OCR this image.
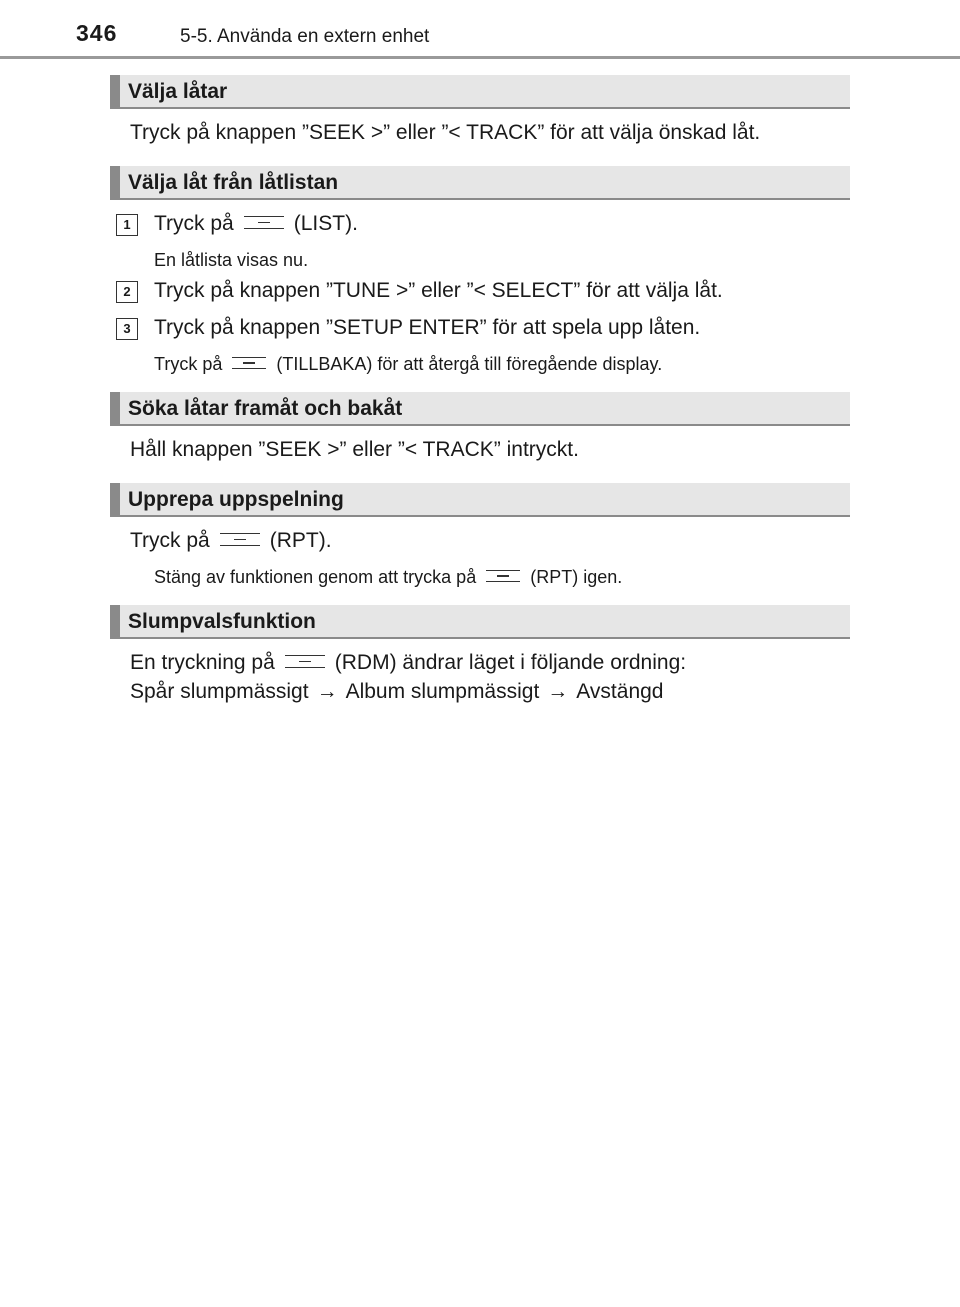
346	5-5. Använda en extern enhet
Välja låtar
Tryck på knappen ”SEEK >” eller ”< TRACK” för att välja önskad låt.
Välja låt från låtlistan
1	Tryck på	(LIST).
En låtlista visas nu.
2	Tryck på knappen ”TUNE >” eller ”< SELECT” för att välja låt.
3	Tryck på knappen ”SETUP ENTER” för att spela upp låten.
Tryck på	(TILLBAKA) för att återgå till föregående display.
Söka låtar framåt och bakåt
Håll knappen ”SEEK >” eller ”< TRACK” intryckt.
Upprepa uppspelning
Tryck på	(RPT).
Stäng av funktionen genom att trycka på	(RPT) igen.
Slumpvalsfunktion
En tryckning på	(RDM) ändrar läget i följande ordning:
Spår slumpmässigt → Album slumpmässigt → Avstängd
